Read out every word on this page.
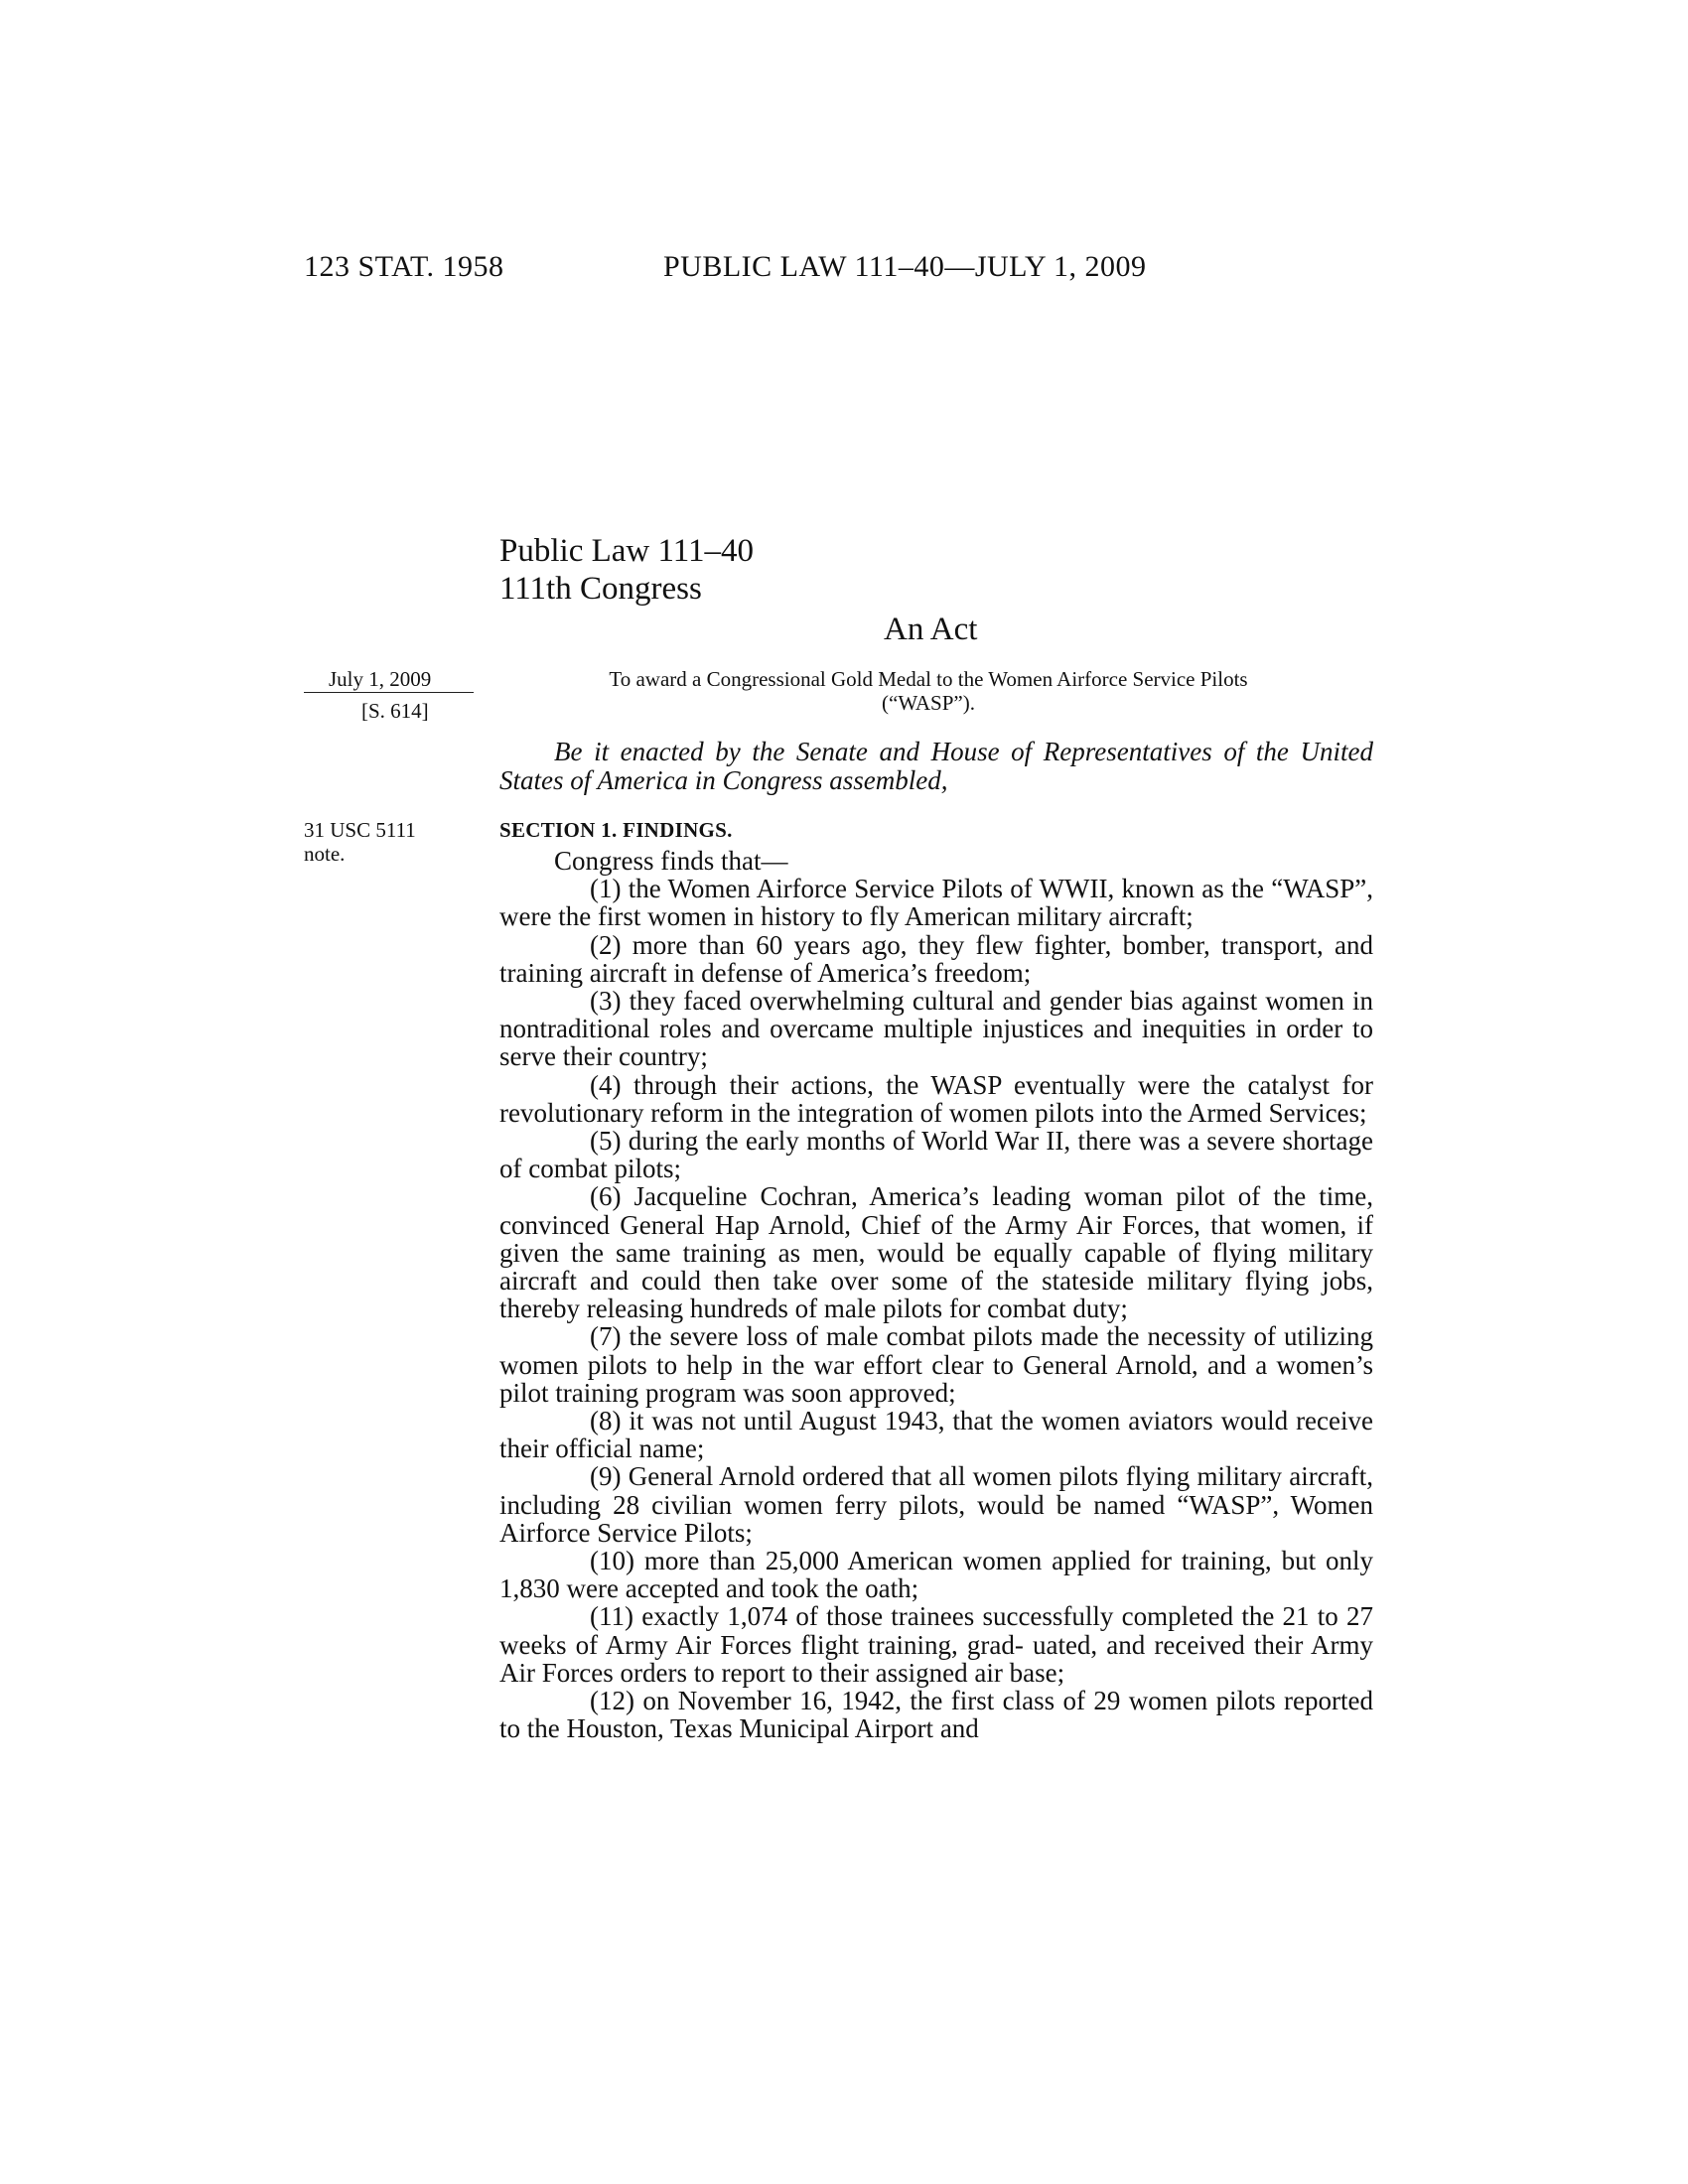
123 STAT. 1958	PUBLIC LAW 111–40—JULY 1, 2009
Public Law 111–40
111th Congress
An Act
July 1, 2009
[S. 614]
31 USC 5111
note.
To award a Congressional Gold Medal to the Women Airforce Service Pilots
(“WASP”).
Be it enacted by the Senate and House of Representatives of the United States of America in Congress assembled,
SECTION 1. FINDINGS.

Congress finds that—

(1) the Women Airforce Service Pilots of WWII, known as the “WASP”, were the first women in history to fly American military aircraft;

(2) more than 60 years ago, they flew fighter, bomber, transport, and training aircraft in defense of America’s freedom;

(3) they faced overwhelming cultural and gender bias against women in nontraditional roles and overcame multiple injustices and inequities in order to serve their country;

(4) through their actions, the WASP eventually were the catalyst for revolutionary reform in the integration of women pilots into the Armed Services;

(5) during the early months of World War II, there was a severe shortage of combat pilots;

(6) Jacqueline Cochran, America’s leading woman pilot of the time, convinced General Hap Arnold, Chief of the Army Air Forces, that women, if given the same training as men, would be equally capable of flying military aircraft and could then take over some of the stateside military flying jobs, thereby releasing hundreds of male pilots for combat duty;

(7) the severe loss of male combat pilots made the necessity of utilizing women pilots to help in the war effort clear to General Arnold, and a women’s pilot training program was soon approved;

(8) it was not until August 1943, that the women aviators would receive their official name;

(9) General Arnold ordered that all women pilots flying military aircraft, including 28 civilian women ferry pilots, would be named “WASP”, Women Airforce Service Pilots;

(10) more than 25,000 American women applied for training, but only 1,830 were accepted and took the oath;

(11) exactly 1,074 of those trainees successfully completed the 21 to 27 weeks of Army Air Forces flight training, grad- uated, and received their Army Air Forces orders to report to their assigned air base;

(12) on November 16, 1942, the first class of 29 women pilots reported to the Houston, Texas Municipal Airport and
